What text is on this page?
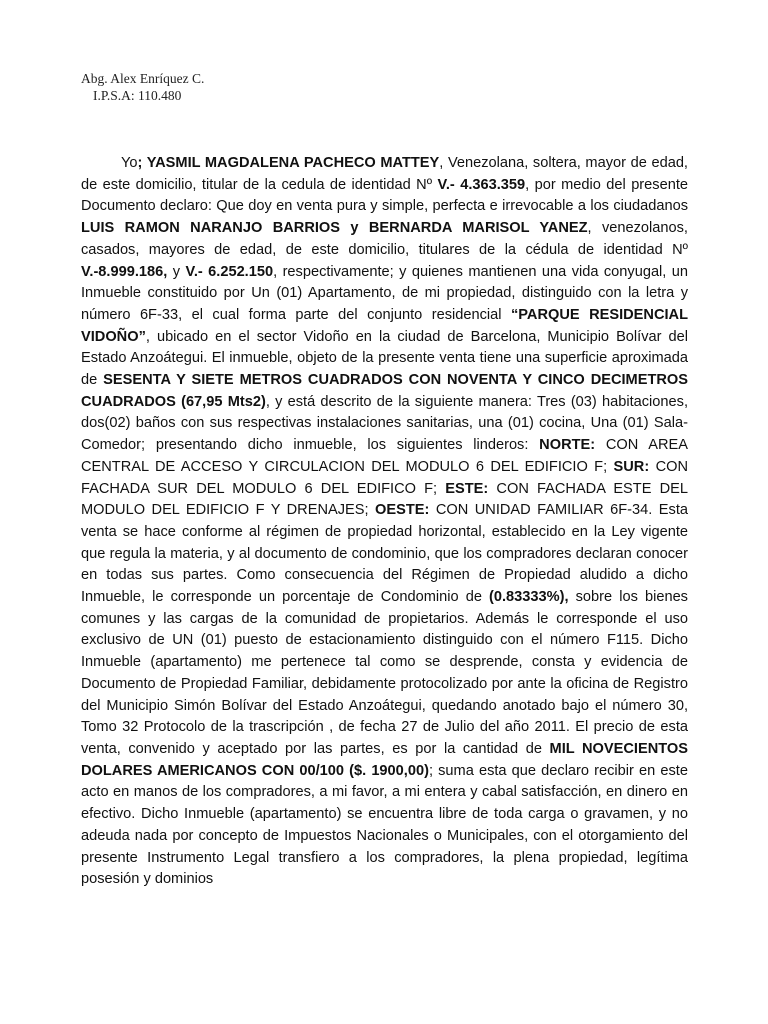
Abg. Alex Enríquez C.
I.P.S.A: 110.480

Yo; YASMIL MAGDALENA PACHECO MATTEY, Venezolana, soltera, mayor de edad, de este domicilio, titular de la cedula de identidad Nº V.- 4.363.359, por medio del presente Documento declaro: Que doy en venta pura y simple, perfecta e irrevocable a los ciudadanos LUIS RAMON NARANJO BARRIOS y BERNARDA MARISOL YANEZ, venezolanos, casados, mayores de edad, de este domicilio, titulares de la cédula de identidad Nº V.-8.999.186, y V.- 6.252.150, respectivamente; y quienes mantienen una vida conyugal, un Inmueble constituido por Un (01) Apartamento, de mi propiedad, distinguido con la letra y número 6F-33, el cual forma parte del conjunto residencial “PARQUE RESIDENCIAL VIDOÑO”, ubicado en el sector Vidoño en la ciudad de Barcelona, Municipio Bolívar del Estado Anzoátegui. El inmueble, objeto de la presente venta tiene una superficie aproximada de SESENTA Y SIETE METROS CUADRADOS CON NOVENTA Y CINCO DECIMETROS CUADRADOS (67,95 Mts2), y está descrito de la siguiente manera: Tres (03) habitaciones, dos(02) baños con sus respectivas instalaciones sanitarias, una (01) cocina, Una (01) Sala-Comedor; presentando dicho inmueble, los siguientes linderos: NORTE: CON AREA CENTRAL DE ACCESO Y CIRCULACION DEL MODULO 6 DEL EDIFICIO F; SUR: CON FACHADA SUR DEL MODULO 6 DEL EDIFICO F; ESTE: CON FACHADA ESTE DEL MODULO DEL EDIFICIO F Y DRENAJES; OESTE: CON UNIDAD FAMILIAR 6F-34. Esta venta se hace conforme al régimen de propiedad horizontal, establecido en la Ley vigente que regula la materia, y al documento de condominio, que los compradores declaran conocer en todas sus partes. Como consecuencia del Régimen de Propiedad aludido a dicho Inmueble, le corresponde un porcentaje de Condominio de (0.83333%), sobre los bienes comunes y las cargas de la comunidad de propietarios. Además le corresponde el uso exclusivo de UN (01) puesto de estacionamiento distinguido con el número F115. Dicho Inmueble (apartamento) me pertenece tal como se desprende, consta y evidencia de Documento de Propiedad Familiar, debidamente protocolizado por ante la oficina de Registro del Municipio Simón Bolívar del Estado Anzoátegui, quedando anotado bajo el número 30, Tomo 32 Protocolo de la trascripción , de fecha 27 de Julio del año 2011. El precio de esta venta, convenido y aceptado por las partes, es por la cantidad de MIL NOVECIENTOS DOLARES AMERICANOS CON 00/100 ($. 1900,00); suma esta que declaro recibir en este acto en manos de los compradores, a mi favor, a mi entera y cabal satisfacción, en dinero en efectivo. Dicho Inmueble (apartamento) se encuentra libre de toda carga o gravamen, y no adeuda nada por concepto de Impuestos Nacionales o Municipales, con el otorgamiento del presente Instrumento Legal transfiero a los compradores, la plena propiedad, legítima posesión y dominios
